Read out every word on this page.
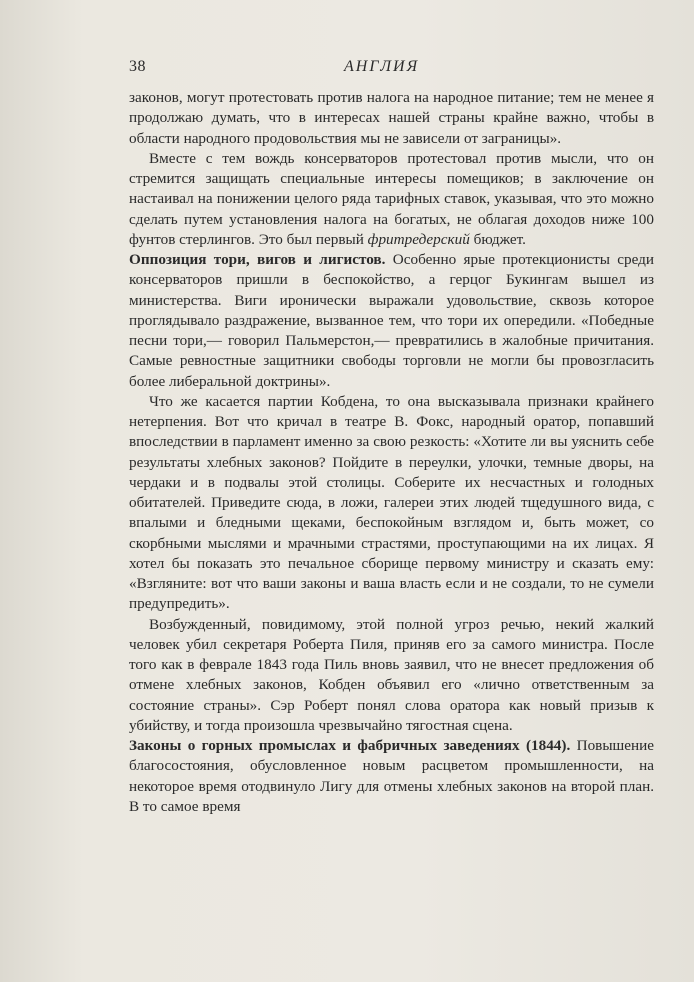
38	АНГЛИЯ

законов, могут протестовать против налога на народное питание; тем не менее я продолжаю думать, что в интересах нашей страны крайне важно, чтобы в области народного продовольствия мы не зависели от заграницы».

Вместе с тем вождь консерваторов протестовал против мысли, что он стремится защищать специальные интересы помещиков; в заключение он настаивал на понижении целого ряда тарифных ставок, указывая, что это можно сделать путем установления налога на богатых, не облагая доходов ниже 100 фунтов стерлингов. Это был первый фритредерский бюджет.

Оппозиция тори, вигов и лигистов. Особенно ярые протекционисты среди консерваторов пришли в беспокойство, а герцог Букингам вышел из министерства. Виги иронически выражали удовольствие, сквозь которое проглядывало раздражение, вызванное тем, что тори их опередили. «Победные песни тори,— говорил Пальмерстон,— превратились в жалобные причитания. Самые ревностные защитники свободы торговли не могли бы провозгласить более либеральной доктрины».

Что же касается партии Кобдена, то она высказывала признаки крайнего нетерпения. Вот что кричал в театре В. Фокс, народный оратор, попавший впоследствии в парламент именно за свою резкость: «Хотите ли вы уяснить себе результаты хлебных законов? Пойдите в переулки, улочки, темные дворы, на чердаки и в подвалы этой столицы. Соберите их несчастных и голодных обитателей. Приведите сюда, в ложи, галереи этих людей тщедушного вида, с впалыми и бледными щеками, беспокойным взглядом и, быть может, со скорбными мыслями и мрачными страстями, проступающими на их лицах. Я хотел бы показать это печальное сборище первому министру и сказать ему: «Взгляните: вот что ваши законы и ваша власть если и не создали, то не сумели предупредить».

Возбужденный, повидимому, этой полной угроз речью, некий жалкий человек убил секретаря Роберта Пиля, приняв его за самого министра. После того как в феврале 1843 года Пиль вновь заявил, что не внесет предложения об отмене хлебных законов, Кобден объявил его «лично ответственным за состояние страны». Сэр Роберт понял слова оратора как новый призыв к убийству, и тогда произошла чрезвычайно тягостная сцена.

Законы о горных промыслах и фабричных заведениях (1844). Повышение благосостояния, обусловленное новым расцветом промышленности, на некоторое время отодвинуло Лигу для отмены хлебных законов на второй план. В то самое время
